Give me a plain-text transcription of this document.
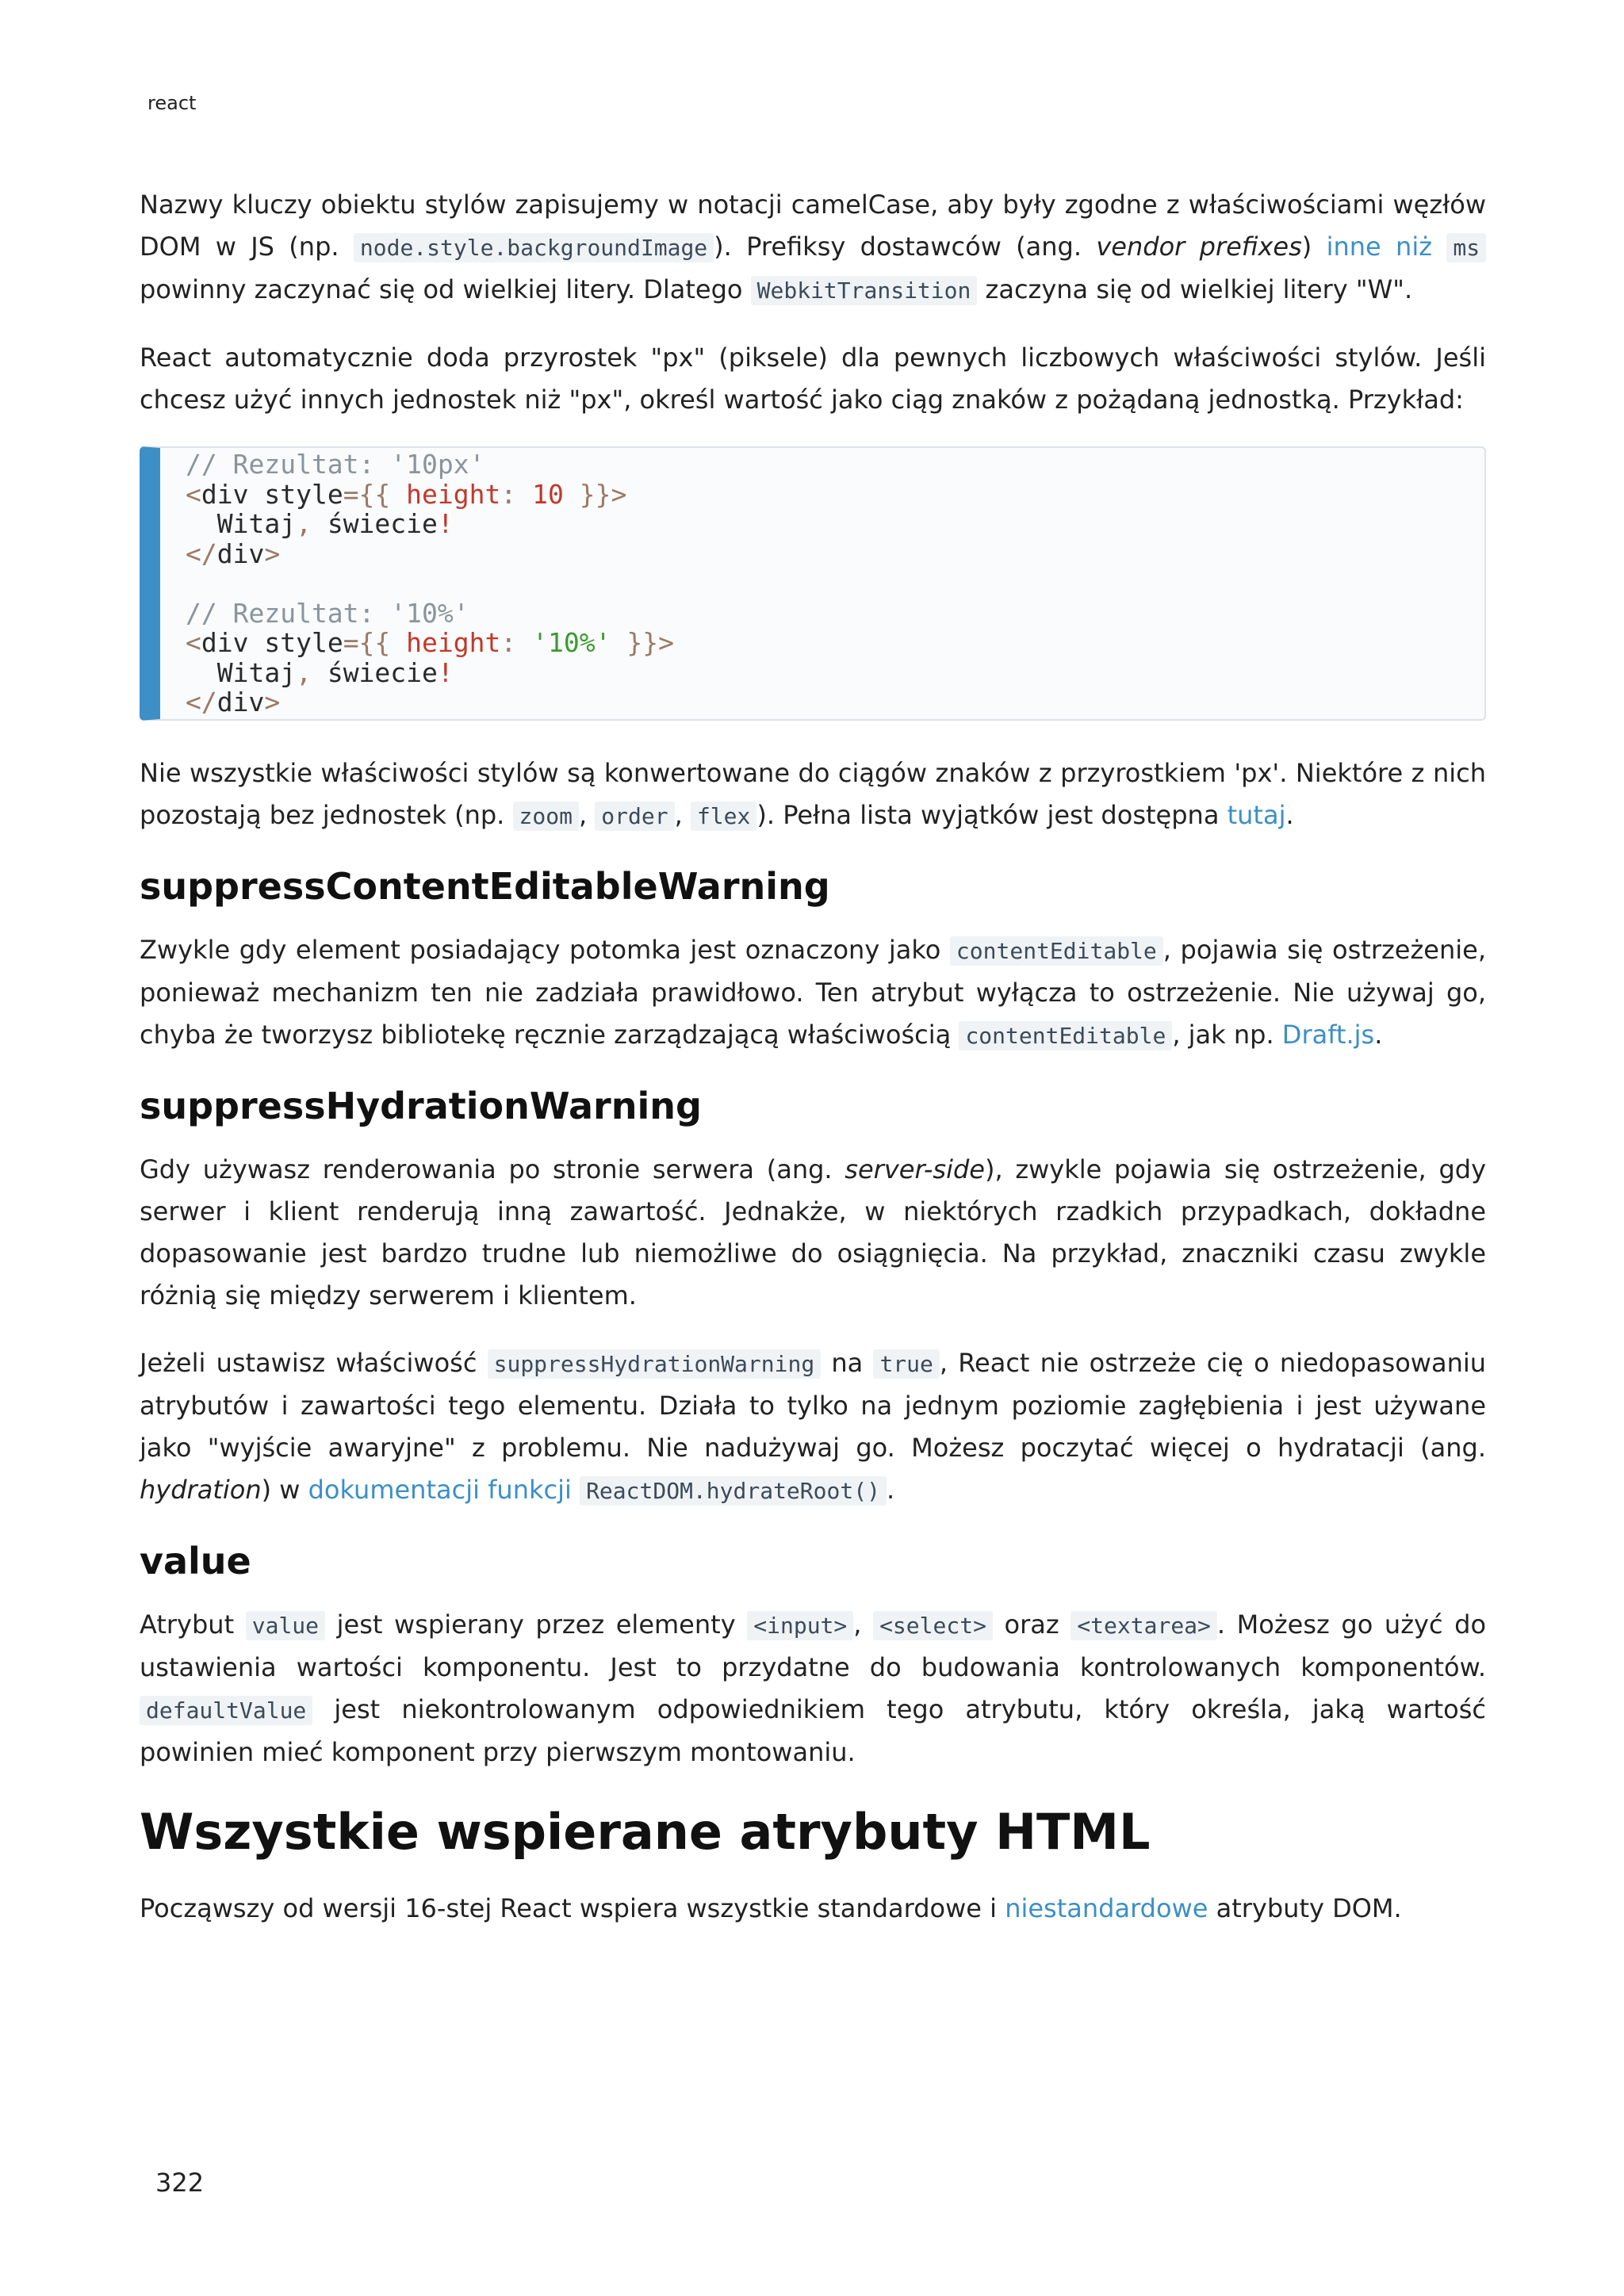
react

Nazwy kluczy obiektu stylów zapisujemy w notacji camelCase, aby były zgodne z właściwościami węzłów DOM w JS (np. node.style.backgroundImage ). Prefiksy dostawców (ang. vendor prefixes) inne niż ms powinny zaczynać się od wielkiej litery. Dlatego WebkitTransition zaczyna się od wielkiej litery "W".

React automatycznie doda przyrostek "px" (piksele) dla pewnych liczbowych właściwości stylów. Jeśli chcesz użyć innych jednostek niż "px", określ wartość jako ciąg znaków z pożądaną jednostką. Przykład:

// Rezultat: '10px'
<div style={{ height: 10 }}>
Witaj, świecie!
</div>

// Rezultat: '10%'
<div style={{ height: '10%' }}>
Witaj, świecie!
</div>

Nie wszystkie właściwości stylów są konwertowane do ciągów znaków z przyrostkiem 'px'. Niektóre z nich pozostają bez jednostek (np. zoom , order , flex ). Pełna lista wyjątków jest dostępna tutaj.

suppressContentEditableWarning

Zwykle gdy element posiadający potomka jest oznaczony jako contentEditable , pojawia się ostrzeżenie, ponieważ mechanizm ten nie zadziała prawidłowo. Ten atrybut wyłącza to ostrzeżenie. Nie używaj go, chyba że tworzysz bibliotekę ręcznie zarządzającą właściwością contentEditable , jak np. Draft.js.

suppressHydrationWarning

Gdy używasz renderowania po stronie serwera (ang. server-side), zwykle pojawia się ostrzeżenie, gdy serwer i klient renderują inną zawartość. Jednakże, w niektórych rzadkich przypadkach, dokładne dopasowanie jest bardzo trudne lub niemożliwe do osiągnięcia. Na przykład, znaczniki czasu zwykle różnią się między serwerem i klientem.

Jeżeli ustawisz właściwość suppressHydrationWarning na true , React nie ostrzeże cię o niedopasowaniu atrybutów i zawartości tego elementu. Działa to tylko na jednym poziomie zagłębienia i jest używane jako "wyjście awaryjne" z problemu. Nie nadużywaj go. Możesz poczytać więcej o hydratacji (ang. hydration) w dokumentacji funkcji ReactDOM.hydrateRoot() .

value

Atrybut value jest wspierany przez elementy <input> , <select> oraz <textarea> . Możesz go użyć do ustawienia wartości komponentu. Jest to przydatne do budowania kontrolowanych komponentów. defaultValue jest niekontrolowanym odpowiednikiem tego atrybutu, który określa, jaką wartość powinien mieć komponent przy pierwszym montowaniu.

Wszystkie wspierane atrybuty HTML

Począwszy od wersji 16-stej React wspiera wszystkie standardowe i niestandardowe atrybuty DOM.

322
